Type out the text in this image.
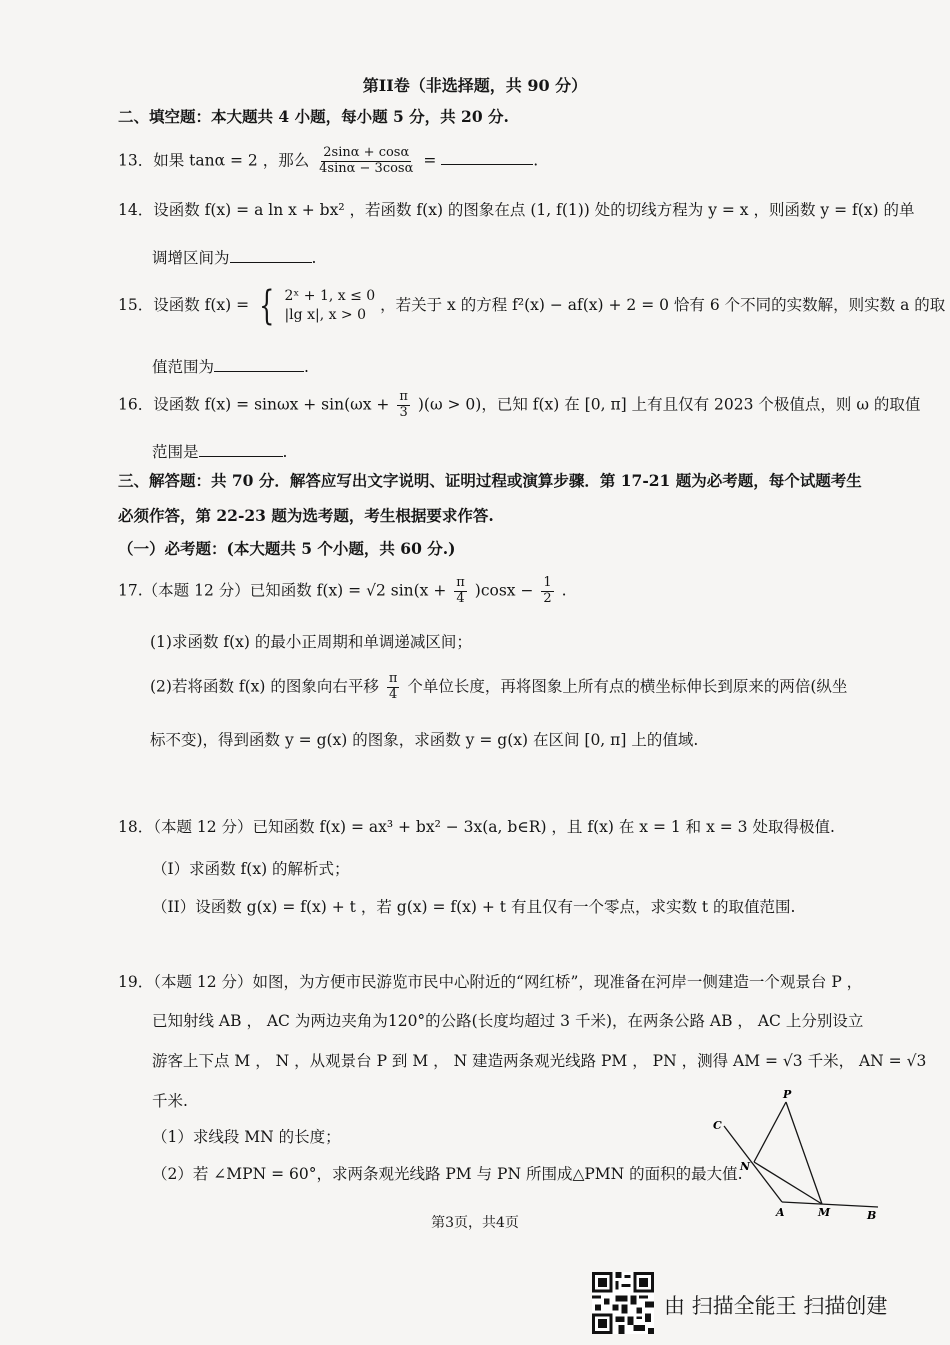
第II卷（非选择题，共 90 分）
二、填空题：本大题共 4 小题，每小题 5 分，共 20 分.
13．如果 tanα = 2 ，那么 $\frac{2\sin\alpha + \cos\alpha}{4\sin\alpha - 3\cos\alpha}$ =	.
14．设函数 f(x) = a ln x + bx² ，若函数 f(x) 的图象在点 (1, f(1)) 处的切线方程为 y = x ，则函数 y = f(x) 的单
调增区间为	.
15．设函数 f(x) = { 2ˣ + 1, x ≤ 0
|lg x|, x > 0
，若关于 x 的方程 f²(x) − af(x) + 2 = 0 恰有 6 个不同的实数解，则实数 a 的取
值范围为	.
16．设函数 $f(x) = \sin\omega x + \sin(\omega x + \frac{\pi}{3} )(\omega > 0)$，已知 f(x) 在 [0, π] 上有且仅有 2023 个极值点，则 ω 的取值
范围是	.
三、解答题：共 70 分．解答应写出文字说明、证明过程或演算步骤．第 17-21 题为必考题，每个试题考生
必须作答，第 22-23 题为选考题，考生根据要求作答.
（一）必考题：(本大题共 5 个小题，共 60 分.)
17.（本题 12 分）已知函数 f(x) = √2 $\sin(x + \frac{\pi}{4} )\cos x - \frac{1}{2}$ .
(1)求函数 f(x) 的最小正周期和单调递减区间；
(2)若将函数 f(x) 的图象向右平移 $\frac{\pi}{4}$ 个单位长度，再将图象上所有点的横坐标伸长到原来的两倍(纵坐
标不变)，得到函数 y = g(x) 的图象，求函数 y = g(x) 在区间 [0, π] 上的值域.
18．（本题 12 分）已知函数 f(x) = ax³ + bx² − 3x(a, b∈R) ，且 f(x) 在 x = 1 和 x = 3 处取得极值.
（I）求函数 f(x) 的解析式；
（II）设函数 g(x) = f(x) + t ，若 g(x) = f(x) + t 有且仅有一个零点，求实数 t 的取值范围.
19．（本题 12 分）如图，为方便市民游览市民中心附近的“网红桥”，现准备在河岸一侧建造一个观景台 P ，
已知射线 AB ， AC 为两边夹角为120°的公路(长度均超过 3 千米)，在两条公路 AB ， AC 上分别设立
游客上下点 M ， N ，从观景台 P 到 M ， N 建造两条观光线路 PM ， PN ，测得 AM = √3 千米， AN = √3
千米.
（1）求线段 MN 的长度；
（2）若 ∠MPN = 60°，求两条观光线路 PM 与 PN 所围成△PMN 的面积的最大值.
P
C
N
A	M	B
第3页，共4页
由 扫描全能王 扫描创建
